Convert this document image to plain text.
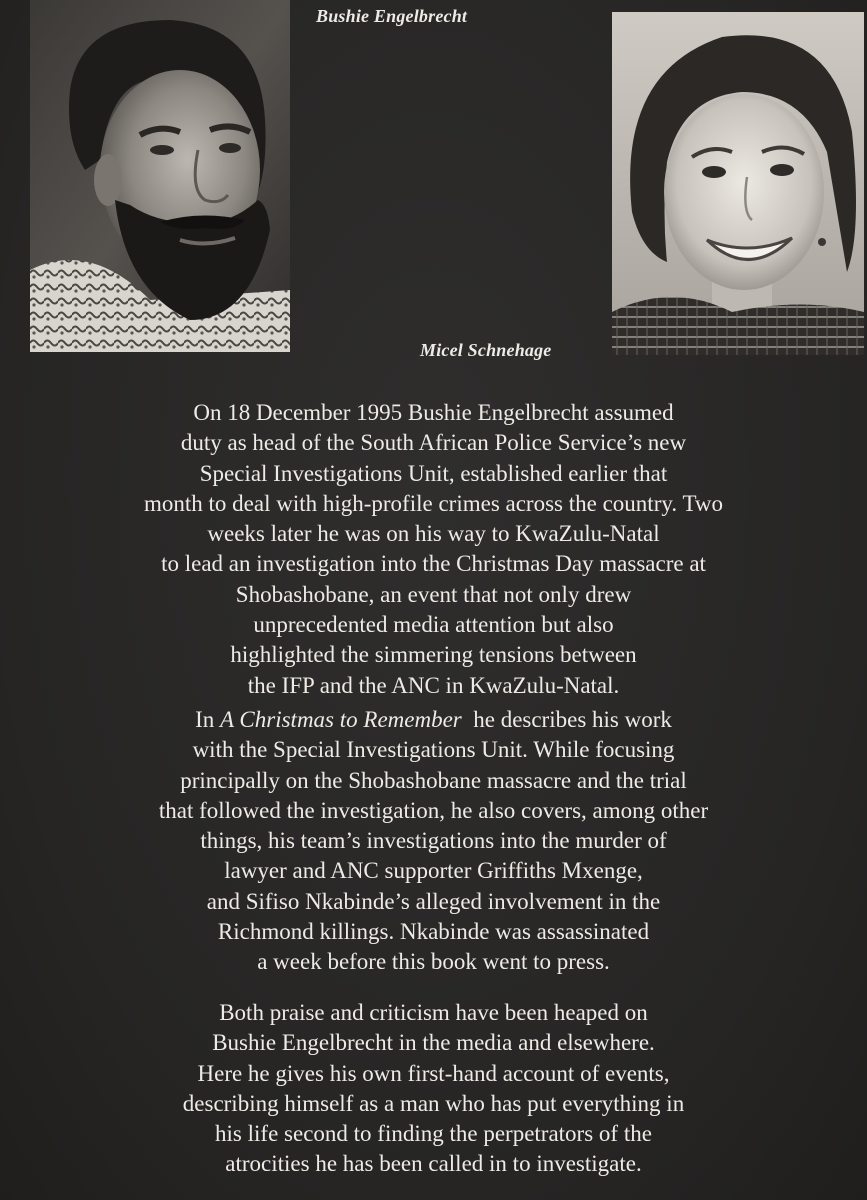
Bushie Engelbrecht
Micel Schnehage
On 18 December 1995 Bushie Engelbrecht assumed
duty as head of the South African Police Service’s new
Special Investigations Unit, established earlier that
month to deal with high-profile crimes across the country. Two
weeks later he was on his way to KwaZulu-Natal
to lead an investigation into the Christmas Day massacre at
Shobashobane, an event that not only drew
unprecedented media attention but also
highlighted the simmering tensions between
the IFP and the ANC in KwaZulu-Natal.
In A Christmas to Remember  he describes his work
with the Special Investigations Unit. While focusing
principally on the Shobashobane massacre and the trial
that followed the investigation, he also covers, among other
things, his team’s investigations into the murder of
lawyer and ANC supporter Griffiths Mxenge,
and Sifiso Nkabinde’s alleged involvement in the
Richmond killings. Nkabinde was assassinated
a week before this book went to press.
Both praise and criticism have been heaped on
Bushie Engelbrecht in the media and elsewhere.
Here he gives his own first-hand account of events,
describing himself as a man who has put everything in
his life second to finding the perpetrators of the
atrocities he has been called in to investigate.
